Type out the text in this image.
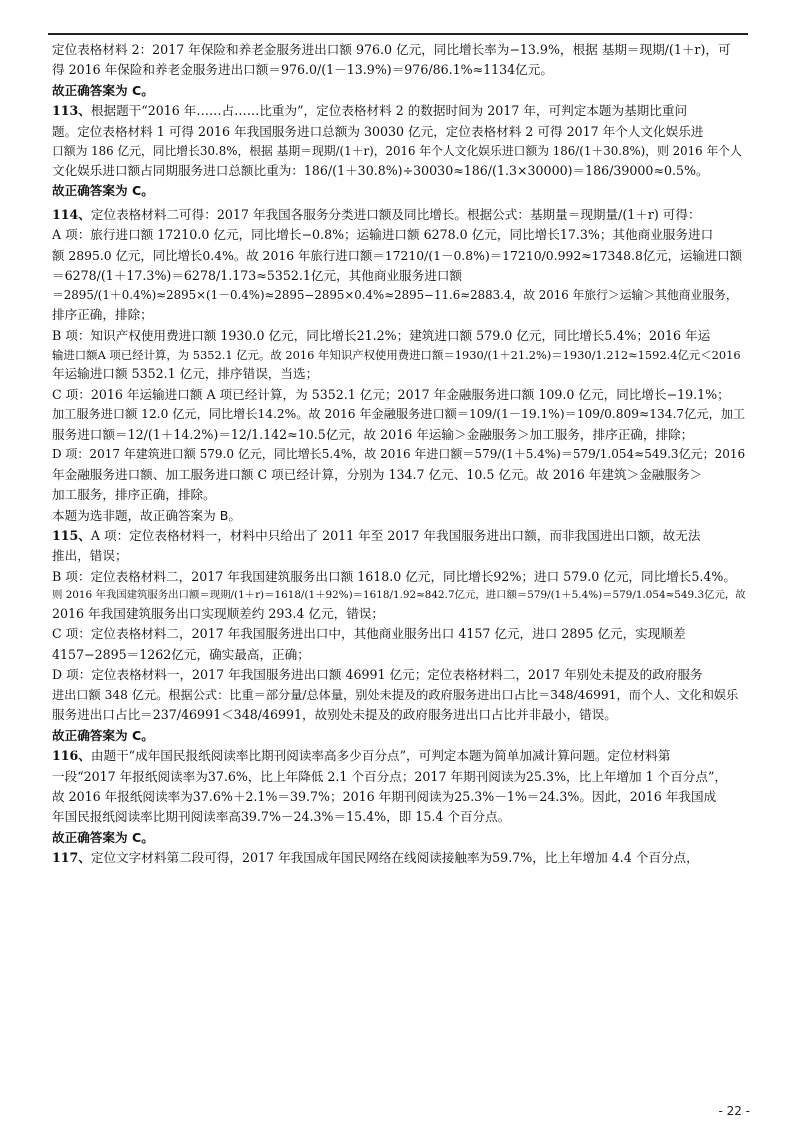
定位表格材料 2：2017 年保险和养老金服务进出口额 976.0 亿元，同比增长率为−13.9%，根据 基期＝现期/(1＋r)，可

得 2016 年保险和养老金服务进出口额＝976.0/(1－13.9%)＝976/86.1%≈1134亿元。

故正确答案为 C。

113、根据题干“2016 年……占……比重为”，定位表格材料 2 的数据时间为 2017 年，可判定本题为基期比重问

题。定位表格材料 1 可得 2016 年我国服务进口总额为 30030 亿元，定位表格材料 2 可得 2017 年个人文化娱乐进

口额为 186 亿元，同比增长30.8%，根据 基期＝现期/(1＋r)，2016 年个人文化娱乐进口额为 186/(1＋30.8%)，则 2016 年个人

文化娱乐进口额占同期服务进口总额比重为：186/(1＋30.8%)÷30030≈186/(1.3×30000)＝186/39000≈0.5%。

故正确答案为 C。

114、定位表格材料二可得：2017 年我国各服务分类进口额及同比增长。根据公式：基期量＝现期量/(1＋r) 可得：

A 项：旅行进口额 17210.0 亿元，同比增长−0.8%；运输进口额 6278.0 亿元，同比增长17.3%；其他商业服务进口

额 2895.0 亿元，同比增长0.4%。故 2016 年旅行进口额＝17210/(1－0.8%)＝17210/0.992≈17348.8亿元，运输进口额

＝6278/(1＋17.3%)＝6278/1.173≈5352.1亿元，其他商业服务进口额

＝2895/(1＋0.4%)≈2895×(1－0.4%)≈2895−2895×0.4%≈2895−11.6≈2883.4，故 2016 年旅行＞运输＞其他商业服务，

排序正确，排除；

B 项：知识产权使用费进口额 1930.0 亿元，同比增长21.2%；建筑进口额 579.0 亿元，同比增长5.4%；2016 年运

输进口额A 项已经计算，为 5352.1 亿元。故 2016 年知识产权使用费进口额＝1930/(1＋21.2%)＝1930/1.212≈1592.4亿元＜2016

年运输进口额 5352.1 亿元，排序错误，当选；

C 项：2016 年运输进口额 A 项已经计算，为 5352.1 亿元；2017 年金融服务进口额 109.0 亿元，同比增长−19.1%；

加工服务进口额 12.0 亿元，同比增长14.2%。故 2016 年金融服务进口额＝109/(1－19.1%)＝109/0.809≈134.7亿元，加工

服务进口额＝12/(1＋14.2%)＝12/1.142≈10.5亿元，故 2016 年运输＞金融服务＞加工服务，排序正确，排除；

D 项：2017 年建筑进口额 579.0 亿元，同比增长5.4%，故 2016 年进口额＝579/(1＋5.4%)＝579/1.054≈549.3亿元；2016

年金融服务进口额、加工服务进口额 C 项已经计算，分别为 134.7 亿元、10.5 亿元。故 2016 年建筑＞金融服务＞

加工服务，排序正确，排除。

本题为选非题，故正确答案为 B。

115、A 项：定位表格材料一，材料中只给出了 2011 年至 2017 年我国服务进出口额，而非我国进出口额，故无法

推出，错误；

B 项：定位表格材料二，2017 年我国建筑服务出口额 1618.0 亿元，同比增长92%；进口 579.0 亿元，同比增长5.4%。

则 2016 年我国建筑服务出口额＝现期/(1＋r)＝1618/(1＋92%)＝1618/1.92≈842.7亿元，进口额＝579/(1＋5.4%)＝579/1.054≈549.3亿元，故

2016 年我国建筑服务出口实现顺差约 293.4 亿元，错误；

C 项：定位表格材料二，2017 年我国服务进出口中，其他商业服务出口 4157 亿元，进口 2895 亿元，实现顺差

4157−2895＝1262亿元，确实最高，正确；

D 项：定位表格材料一，2017 年我国服务进出口额 46991 亿元；定位表格材料二，2017 年别处未提及的政府服务

进出口额 348 亿元。根据公式：比重＝部分量/总体量，别处未提及的政府服务进出口占比＝348/46991，而个人、文化和娱乐

服务进出口占比＝237/46991＜348/46991，故别处未提及的政府服务进出口占比并非最小，错误。

故正确答案为 C。

116、由题干“成年国民报纸阅读率比期刊阅读率高多少百分点”，可判定本题为简单加减计算问题。定位材料第

一段“2017 年报纸阅读率为37.6%，比上年降低 2.1 个百分点；2017 年期刊阅读为25.3%，比上年增加 1 个百分点”，

故 2016 年报纸阅读率为37.6%＋2.1%＝39.7%；2016 年期刊阅读为25.3%－1%＝24.3%。因此，2016 年我国成

年国民报纸阅读率比期刊阅读率高39.7%－24.3%＝15.4%，即 15.4 个百分点。

故正确答案为 C。

117、定位文字材料第二段可得，2017 年我国成年国民网络在线阅读接触率为59.7%，比上年增加 4.4 个百分点，

- 22 -
